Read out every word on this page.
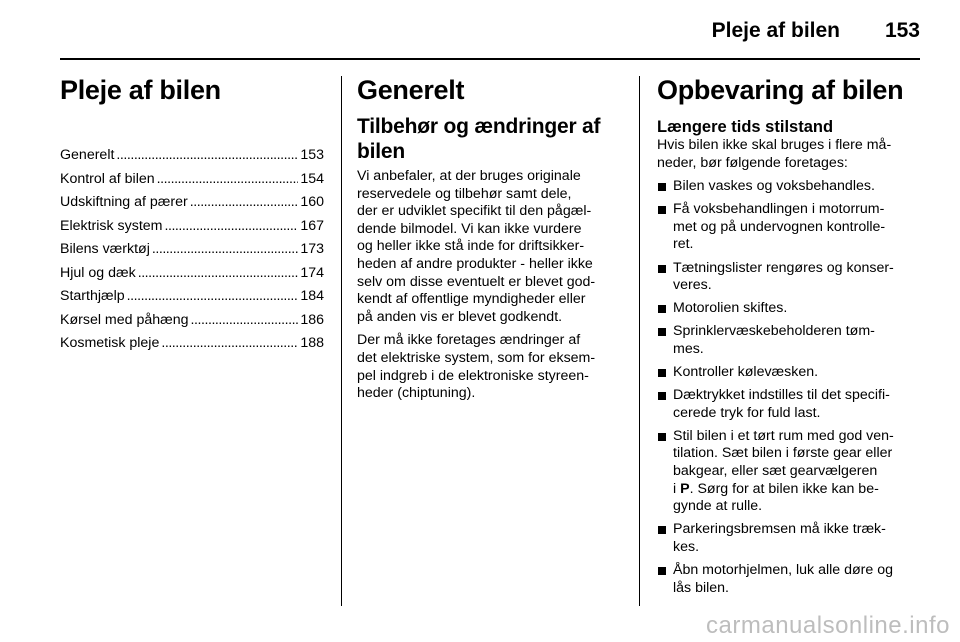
Pleje af bilen	153
Pleje af bilen
Generelt . . .	153
Kontrol af bilen . . .	154
Udskiftning af pærer . . .	160
Elektrisk system . . .	167
Bilens værktøj . . .	173
Hjul og dæk . . .	174
Starthjælp . . .	184
Kørsel med påhæng . . .	186
Kosmetisk pleje . . .	188
Generelt
Tilbehør og ændringer af
bilen

Vi anbefaler, at der bruges originale
reservedele og tilbehør samt dele,
der er udviklet specifikt til den pågæl-
dende bilmodel. Vi kan ikke vurdere
og heller ikke stå inde for driftsikker-
heden af andre produkter - heller ikke
selv om disse eventuelt er blevet god-
kendt af offentlige myndigheder eller
på anden vis er blevet godkendt.

Der må ikke foretages ændringer af
det elektriske system, som for eksem-
pel indgreb i de elektroniske styreen-
heder (chiptuning).

Opbevaring af bilen
Længere tids stilstand

Hvis bilen ikke skal bruges i flere må-
neder, bør følgende foretages:

Bilen vaskes og voksbehandles.
Få voksbehandlingen i motorrum-
met og på undervognen kontrolle-
ret.
Tætningslister rengøres og konser-
veres.
Motorolien skiftes.
Sprinklervæskebeholderen tøm-
mes.
Kontroller kølevæsken.
Dæktrykket indstilles til det specifi-
cerede tryk for fuld last.
Stil bilen i et tørt rum med god ven-
tilation. Sæt bilen i første gear eller
bakgear, eller sæt gearvælgeren
i P. Sørg for at bilen ikke kan be-
gynde at rulle.
Parkeringsbremsen må ikke træk-
kes.
Åbn motorhjelmen, luk alle døre og
lås bilen.
carmanualsonline.info
